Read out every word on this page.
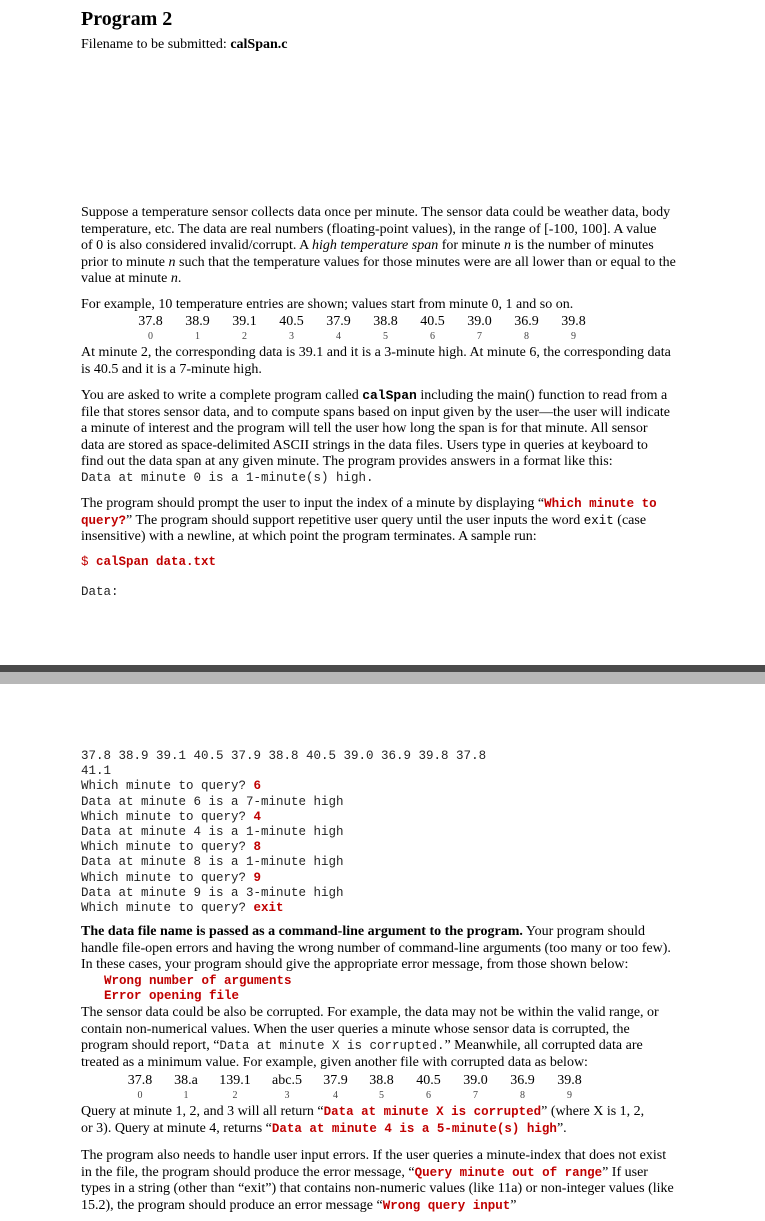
Program 2
Filename to be submitted: calSpan.c

Suppose a temperature sensor collects data once per minute. The sensor data could be weather data, body

temperature, etc. The data are real numbers (floating-point values), in the range of [-100, 100]. A value

of 0 is also considered invalid/corrupt. A high temperature span for minute n is the number of minutes

prior to minute n such that the temperature values for those minutes were are all lower than or equal to the

value at minute n.

For example, 10 temperature entries are shown; values start from minute 0, 1 and so on.
37.8	38.9	39.1	40.5	37.9	38.8	40.5	39.0	36.9	39.8
0	1	2	3	4	5	6	7	8	9

At minute 2, the corresponding data is 39.1 and it is a 3-minute high. At minute 6, the corresponding data

is 40.5 and it is a 7-minute high.

You are asked to write a complete program called calSpan including the main() function to read from a

file that stores sensor data, and to compute spans based on input given by the user—the user will indicate

a minute of interest and the program will tell the user how long the span is for that minute. All sensor

data are stored as space-delimited ASCII strings in the data files. Users type in queries at keyboard to

find out the data span at any given minute. The program provides answers in a format like this:

Data at minute 0 is a 1-minute(s) high.

The program should prompt the user to input the index of a minute by displaying “Which minute to

query?” The program should support repetitive user query until the user inputs the word exit (case

insensitive) with a newline, at which point the program terminates. A sample run:

$ calSpan data.txt
Data:
37.8 38.9 39.1 40.5 37.9 38.8 40.5 39.0 36.9 39.8 37.8
41.1
Which minute to query? 6
Data at minute 6 is a 7-minute high
Which minute to query? 4
Data at minute 4 is a 1-minute high
Which minute to query? 8
Data at minute 8 is a 1-minute high
Which minute to query? 9
Data at minute 9 is a 3-minute high
Which minute to query? exit

The data file name is passed as a command-line argument to the program. Your program should

handle file-open errors and having the wrong number of command-line arguments (too many or too few).

In these cases, your program should give the appropriate error message, from those shown below:

Wrong number of arguments
Error opening file

The sensor data could be also be corrupted. For example, the data may not be within the valid range, or

contain non-numerical values. When the user queries a minute whose sensor data is corrupted, the

program should report, “Data at minute X is corrupted.” Meanwhile, all corrupted data are

treated as a minimum value. For example, given another file with corrupted data as below:

37.8	38.a	139.1	abc.5	37.9	38.8	40.5	39.0	36.9	39.8
0	1	2	3	4	5	6	7	8	9

Query at minute 1, 2, and 3 will all return “Data at minute X is corrupted” (where X is 1, 2,

or 3). Query at minute 4, returns “Data at minute 4 is a 5-minute(s) high”.

The program also needs to handle user input errors. If the user queries a minute-index that does not exist

in the file, the program should produce the error message, “Query minute out of range” If user

types in a string (other than “exit”) that contains non-numeric values (like 11a) or non-integer values (like

15.2), the program should produce an error message “Wrong query input”
